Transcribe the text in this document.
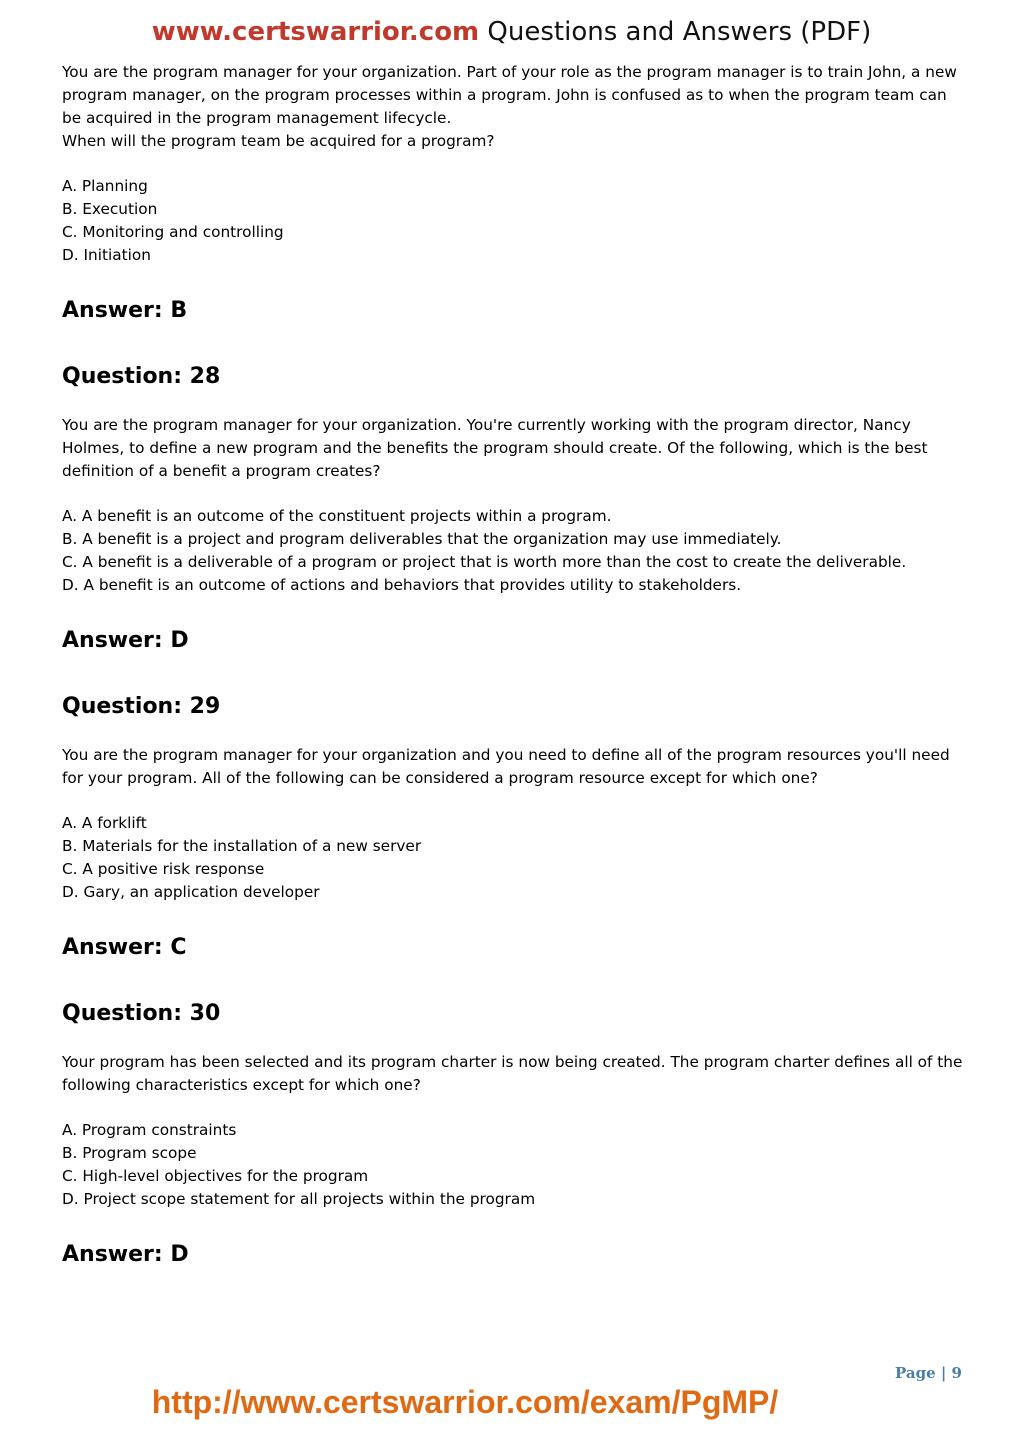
www.certswarrior.com Questions and Answers (PDF)

You are the program manager for your organization. Part of your role as the program manager is to train John, a new
program manager, on the program processes within a program. John is confused as to when the program team can
be acquired in the program management lifecycle.
When will the program team be acquired for a program?

A. Planning

B. Execution

C. Monitoring and controlling

D. Initiation

Answer: B
Question: 28

You are the program manager for your organization. You're currently working with the program director, Nancy
Holmes, to define a new program and the benefits the program should create. Of the following, which is the best
definition of a benefit a program creates?

A. A benefit is an outcome of the constituent projects within a program.

B. A benefit is a project and program deliverables that the organization may use immediately.

C. A benefit is a deliverable of a program or project that is worth more than the cost to create the deliverable.

D. A benefit is an outcome of actions and behaviors that provides utility to stakeholders.

Answer: D
Question: 29

You are the program manager for your organization and you need to define all of the program resources you'll need
for your program. All of the following can be considered a program resource except for which one?

A. A forklift

B. Materials for the installation of a new server

C. A positive risk response

D. Gary, an application developer

Answer: C
Question: 30

Your program has been selected and its program charter is now being created. The program charter defines all of the
following characteristics except for which one?

A. Program constraints

B. Program scope

C. High-level objectives for the program

D. Project scope statement for all projects within the program

Answer: D
Page | 9
http://www.certswarrior.com/exam/PgMP/
